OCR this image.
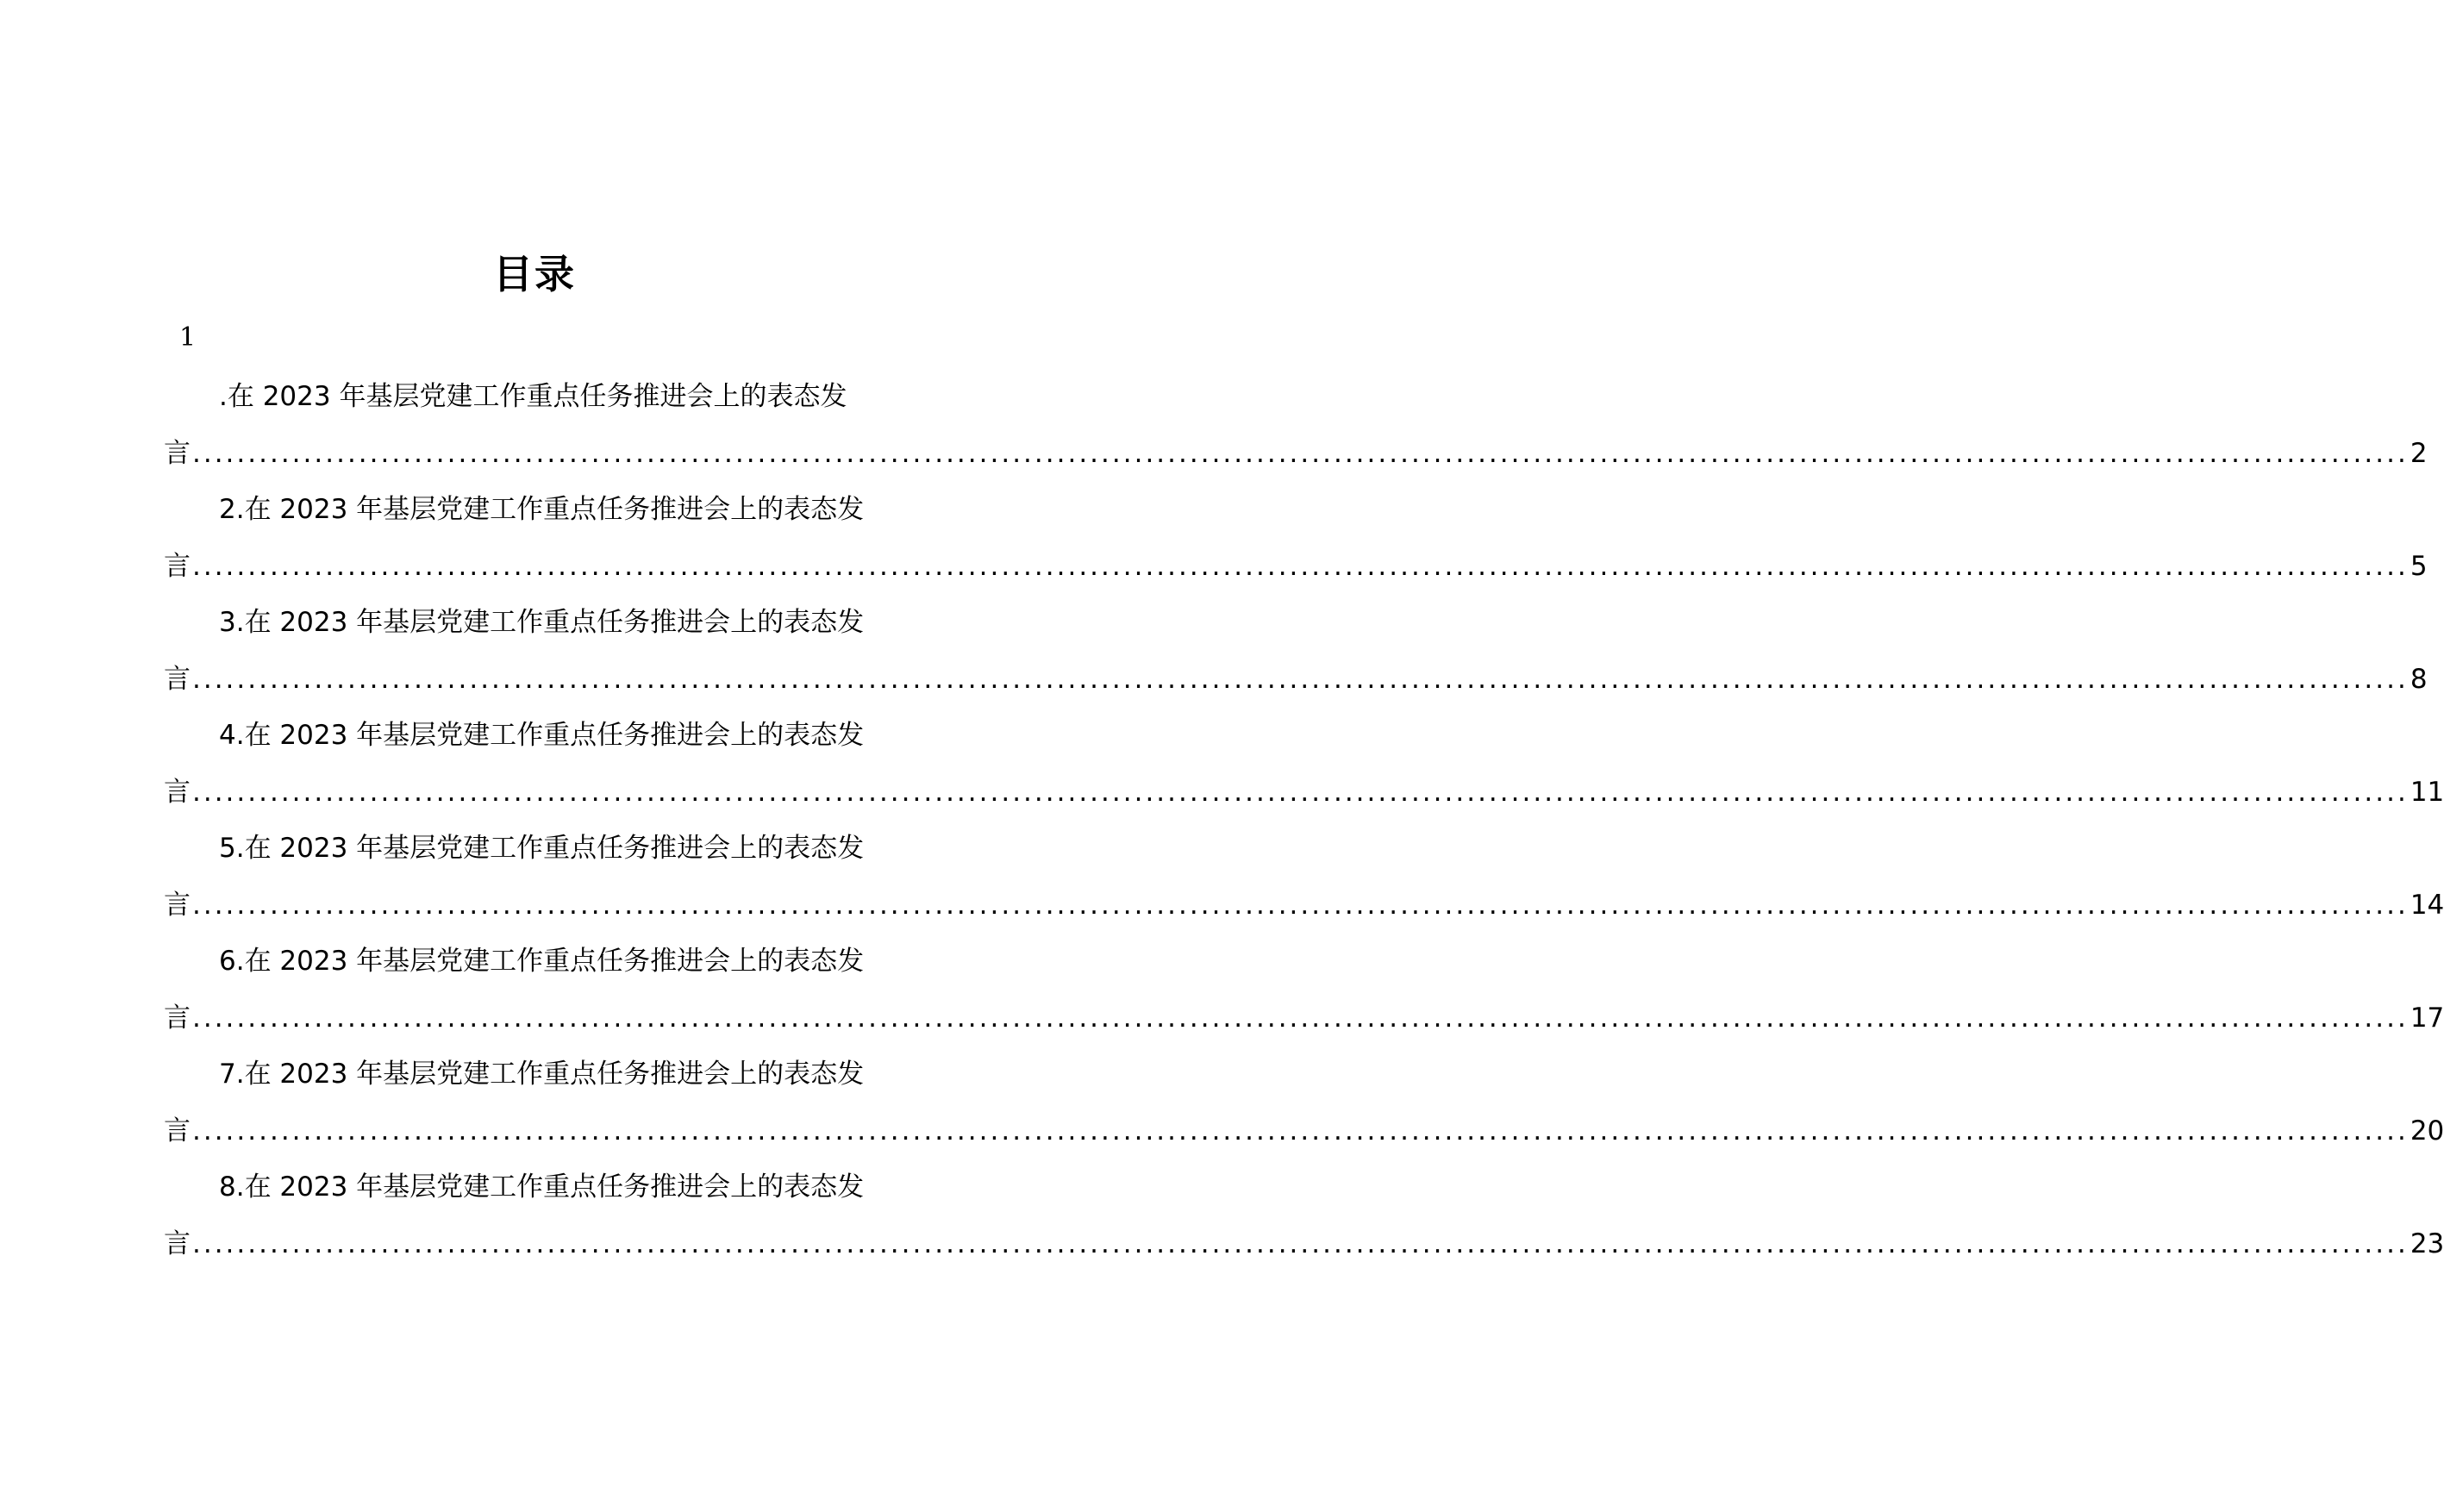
目录
1
.在 2023 年基层党建工作重点任务推进会上的表态发
言 ........................................................................................................................................................................................................ 2
2.在 2023 年基层党建工作重点任务推进会上的表态发
言 ........................................................................................................................................................................................................ 5
3.在 2023 年基层党建工作重点任务推进会上的表态发
言 ........................................................................................................................................................................................................ 8
4.在 2023 年基层党建工作重点任务推进会上的表态发
言 ........................................................................................................................................................................................................ 11
5.在 2023 年基层党建工作重点任务推进会上的表态发
言 ........................................................................................................................................................................................................ 14
6.在 2023 年基层党建工作重点任务推进会上的表态发
言 ........................................................................................................................................................................................................ 17
7.在 2023 年基层党建工作重点任务推进会上的表态发
言 ........................................................................................................................................................................................................ 20
8.在 2023 年基层党建工作重点任务推进会上的表态发
言 ........................................................................................................................................................................................................ 23
